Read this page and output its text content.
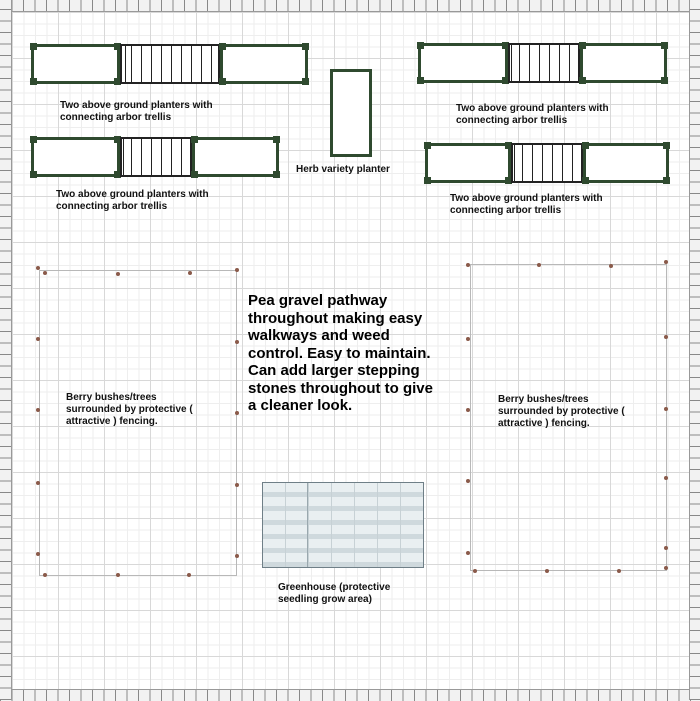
Two above ground planters with
connecting arbor trellis
Two above ground planters with
connecting arbor trellis
Two above ground planters with
connecting arbor trellis
Two above ground planters with
connecting arbor trellis
Herb variety planter
Berry bushes/trees
surrounded by protective (
attractive ) fencing.
Berry bushes/trees
surrounded by protective (
attractive ) fencing.
Pea gravel pathway
throughout making easy
walkways and weed
control. Easy to maintain.
Can add larger stepping
stones throughout to give
a cleaner look.
Greenhouse (protective
seedling grow area)
